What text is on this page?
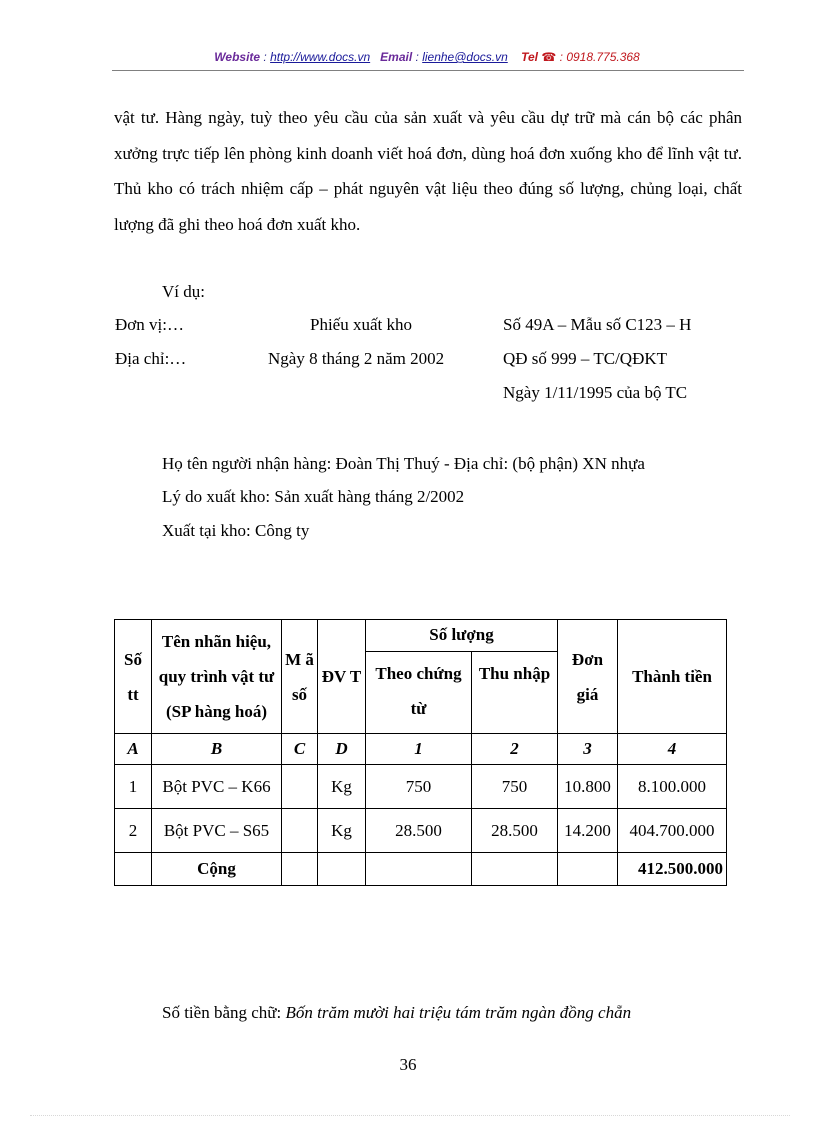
Website : http://www.docs.vn Email : lienhe@docs.vn Tel ☎ : 0918.775.368

vật tư. Hàng ngày, tuỳ theo yêu cầu của sản xuất và yêu cầu dự trữ mà cán bộ các phân xưởng trực tiếp lên phòng kinh doanh viết hoá đơn, dùng hoá đơn xuống kho để lĩnh vật tư. Thủ kho có trách nhiệm cấp – phát nguyên vật liệu theo đúng số lượng, chủng loại, chất lượng đã ghi theo hoá đơn xuất kho.

Ví dụ:
Đơn vị:…	Phiếu xuất kho	Số 49A – Mẫu số C123 – H
Địa chỉ:…	Ngày 8 tháng 2 năm 2002	QĐ số 999 – TC/QĐKT
Ngày 1/11/1995 của bộ TC
Họ tên người nhận hàng: Đoàn Thị Thuý - Địa chỉ: (bộ phận) XN nhựa
Lý do xuất kho: Sản xuất hàng tháng 2/2002
Xuất tại kho: Công ty
Số tt	Tên nhãn hiệu, quy trình vật tư (SP hàng hoá)	M ã số	ĐV T	Số lượng		Đơn giá	Thành tiền
				Theo chứng từ	Thu nhập		
A	B	C	D	1	2	3	4
1	Bột PVC – K66		Kg	750	750	10.800	8.100.000
2	Bột PVC – S65		Kg	28.500	28.500	14.200	404.700.000
	Cộng						412.500.000
Số tiền bằng chữ: Bốn trăm mười hai triệu tám trăm ngàn đồng chẵn
36
